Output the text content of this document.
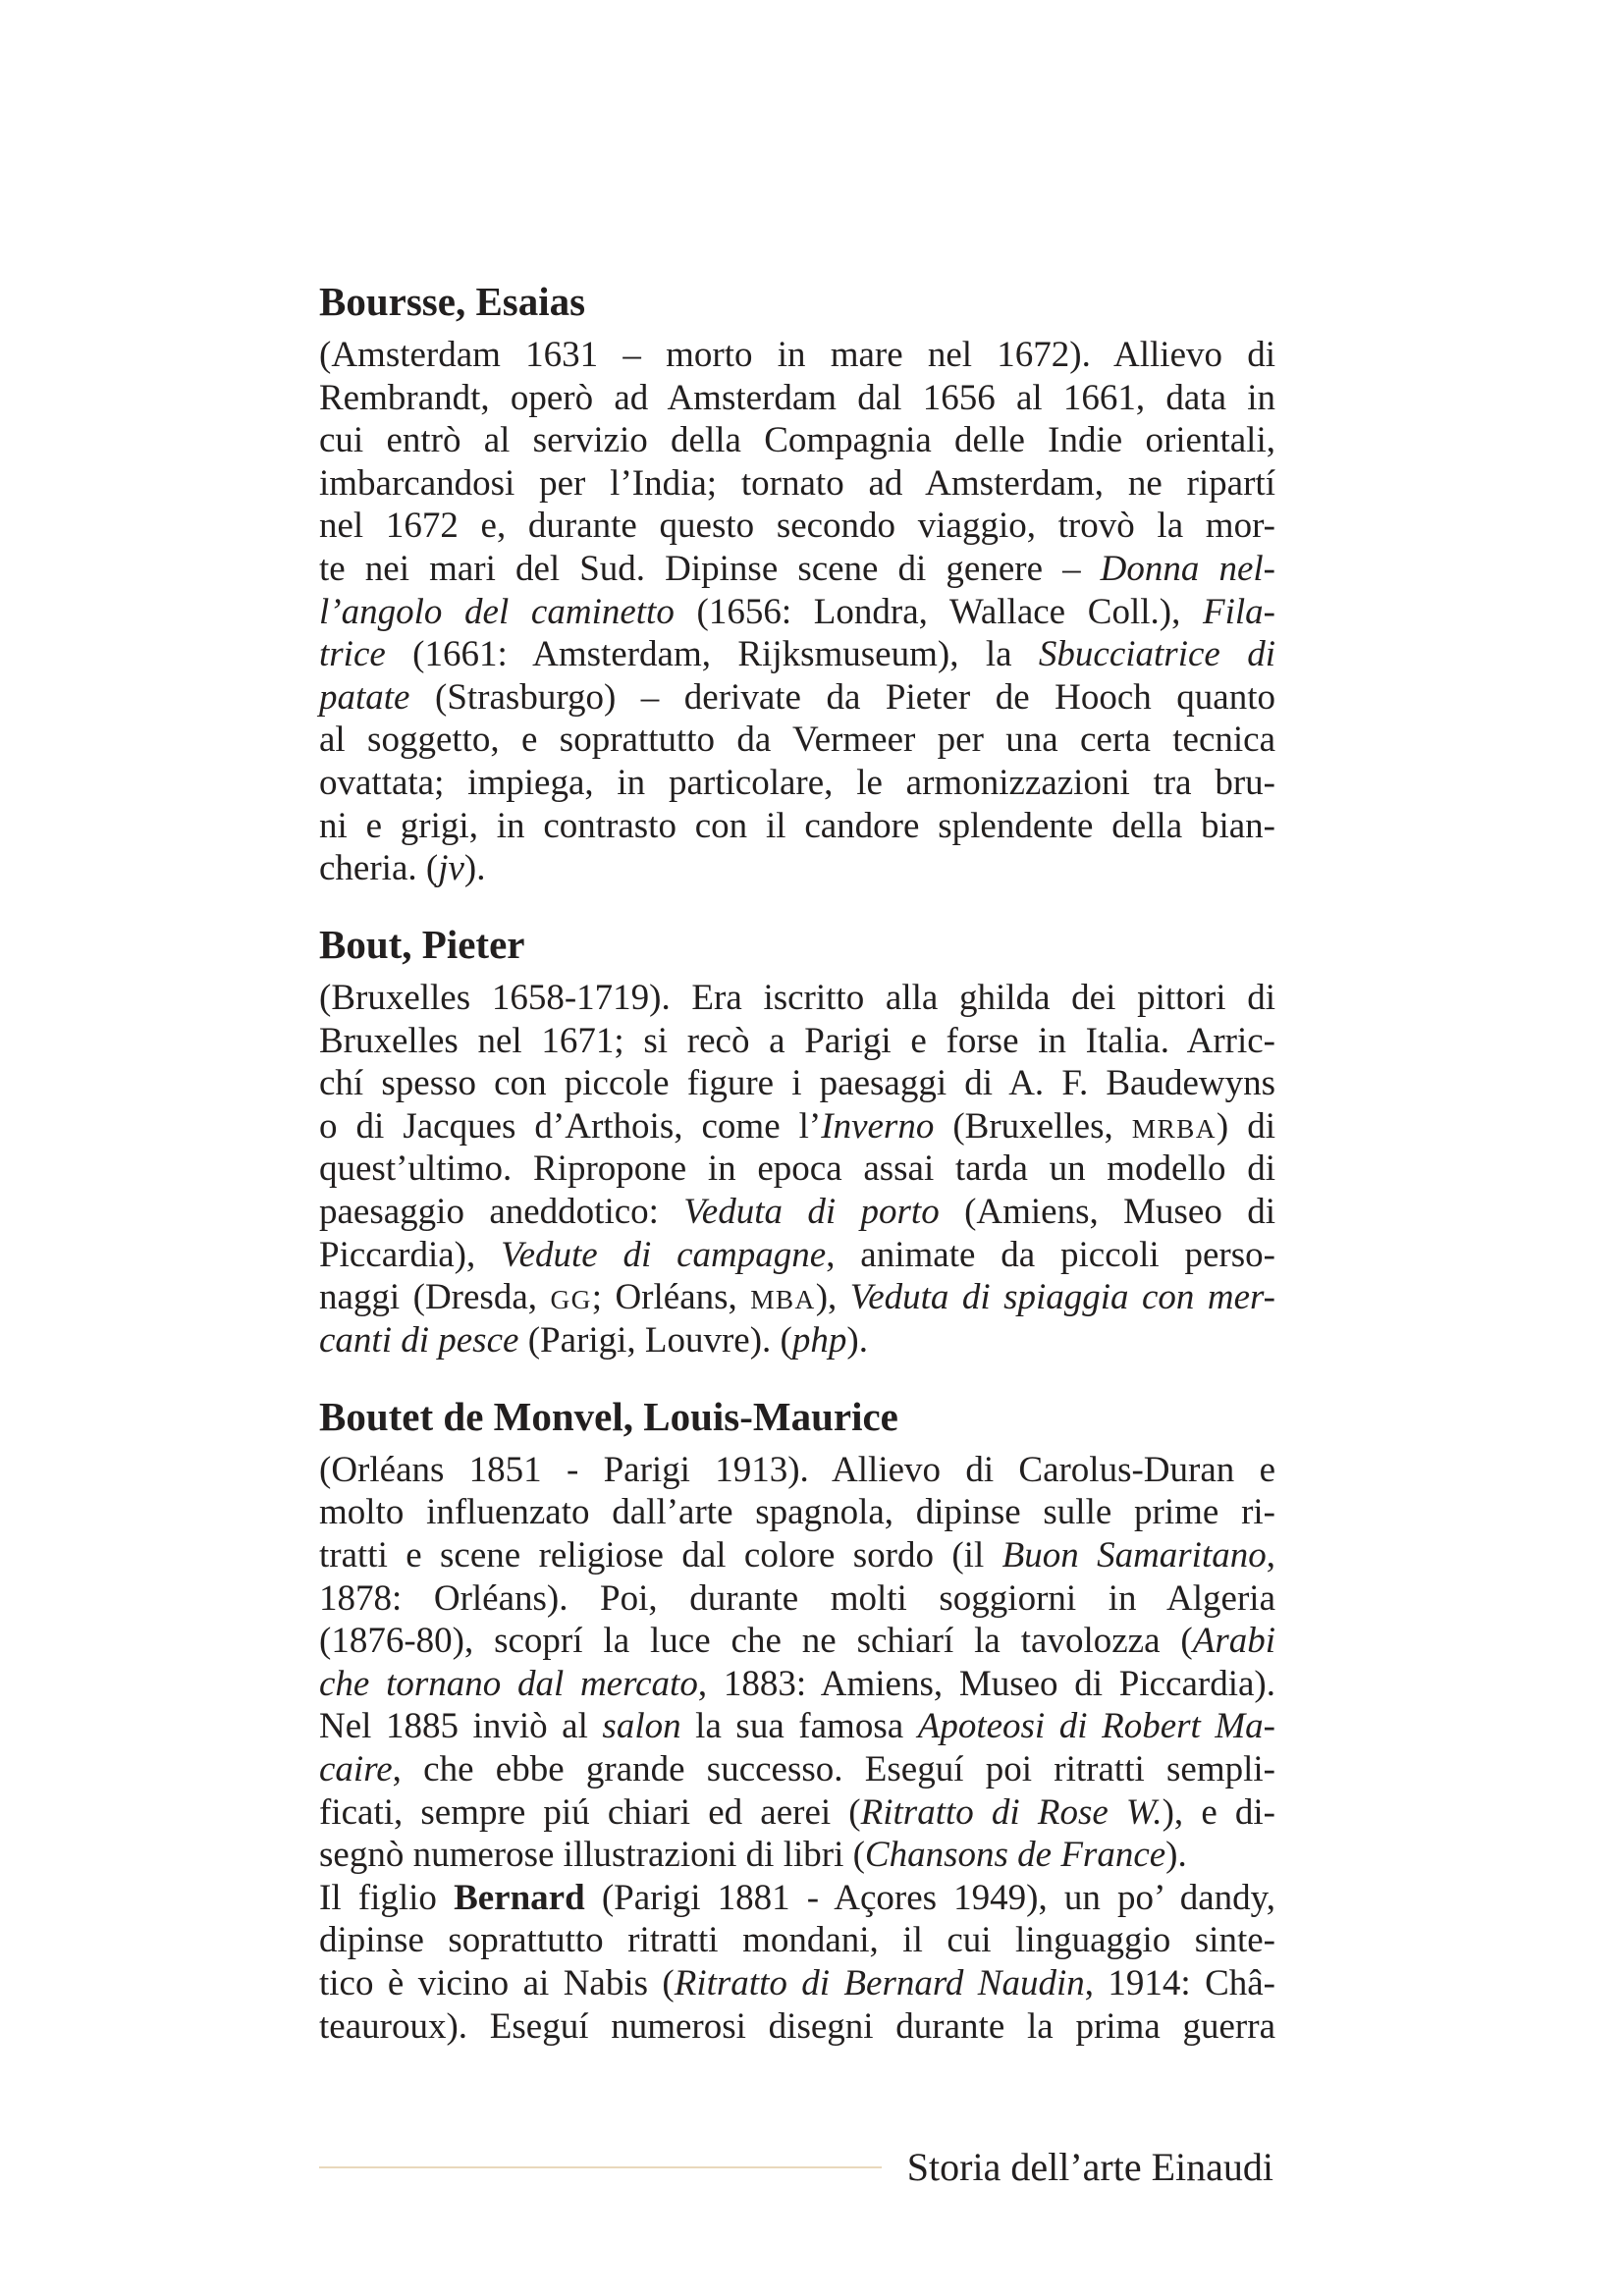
Boursse, Esaias
(Amsterdam 1631 – morto in mare nel 1672). Allievo di
Rembrandt, operò ad Amsterdam dal 1656 al 1661, data in
cui entrò al servizio della Compagnia delle Indie orientali,
imbarcandosi per l’India; tornato ad Amsterdam, ne ripartí
nel 1672 e, durante questo secondo viaggio, trovò la mor-
te nei mari del Sud. Dipinse scene di genere – Donna nel-
l’angolo del caminetto (1656: Londra, Wallace Coll.), Fila-
trice (1661: Amsterdam, Rijksmuseum), la Sbucciatrice di
patate (Strasburgo) – derivate da Pieter de Hooch quanto
al soggetto, e soprattutto da Vermeer per una certa tecnica
ovattata; impiega, in particolare, le armonizzazioni tra bru-
ni e grigi, in contrasto con il candore splendente della bian-
cheria. (jv).
Bout, Pieter
(Bruxelles 1658-1719). Era iscritto alla ghilda dei pittori di
Bruxelles nel 1671; si recò a Parigi e forse in Italia. Arric-
chí spesso con piccole figure i paesaggi di A. F. Baudewyns
o di Jacques d’Arthois, come l’Inverno (Bruxelles, MRBA) di
quest’ultimo. Ripropone in epoca assai tarda un modello di
paesaggio aneddotico: Veduta di porto (Amiens, Museo di
Piccardia), Vedute di campagne, animate da piccoli perso-
naggi (Dresda, GG; Orléans, MBA), Veduta di spiaggia con mer-
canti di pesce (Parigi, Louvre). (php).
Boutet de Monvel, Louis-Maurice
(Orléans 1851 - Parigi 1913). Allievo di Carolus-Duran e
molto influenzato dall’arte spagnola, dipinse sulle prime ri-
tratti e scene religiose dal colore sordo (il Buon Samaritano,
1878: Orléans). Poi, durante molti soggiorni in Algeria
(1876-80), scoprí la luce che ne schiarí la tavolozza (Arabi
che tornano dal mercato, 1883: Amiens, Museo di Piccardia).
Nel 1885 inviò al salon la sua famosa Apoteosi di Robert Ma-
caire, che ebbe grande successo. Eseguí poi ritratti sempli-
ficati, sempre piú chiari ed aerei (Ritratto di Rose W.), e di-
segnò numerose illustrazioni di libri (Chansons de France).
Il figlio Bernard (Parigi 1881 - Açores 1949), un po’ dandy,
dipinse soprattutto ritratti mondani, il cui linguaggio sinte-
tico è vicino ai Nabis (Ritratto di Bernard Naudin, 1914: Châ-
teauroux). Eseguí numerosi disegni durante la prima guerra
Storia dell’arte Einaudi
